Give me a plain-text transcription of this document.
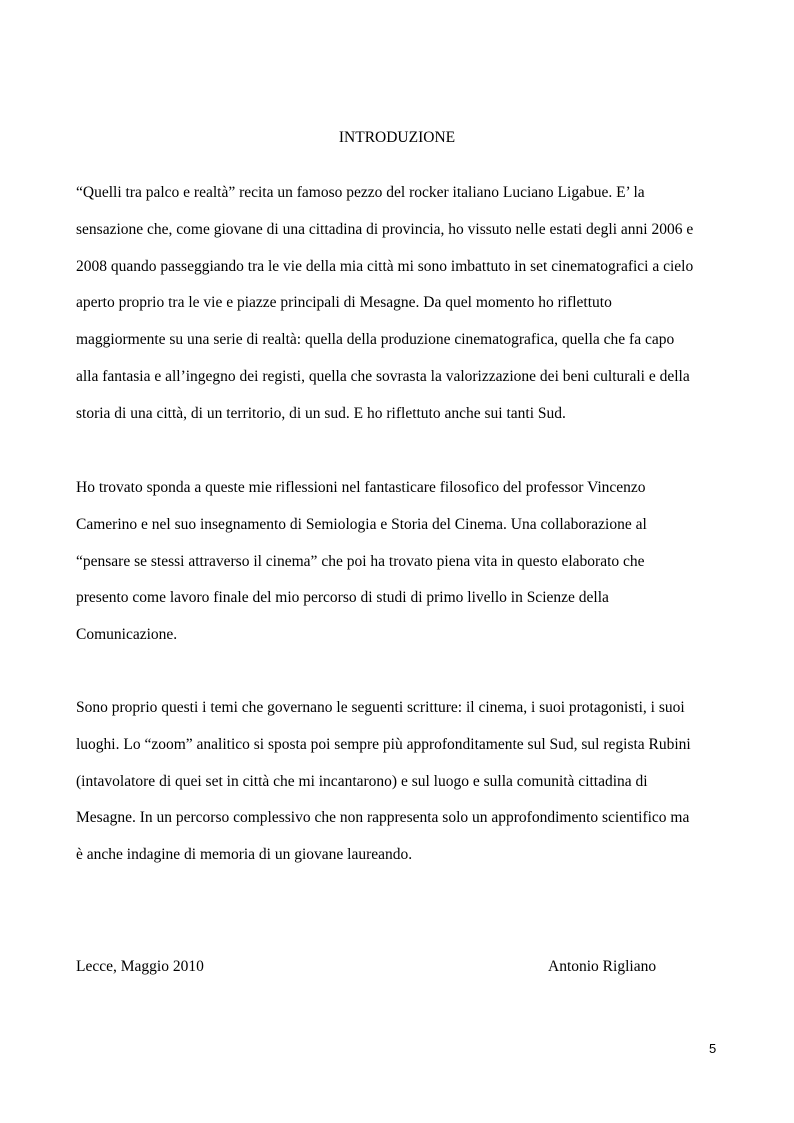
INTRODUZIONE
“Quelli tra palco e realtà” recita un famoso pezzo del rocker italiano Luciano Ligabue. E’ la
sensazione che, come giovane di una cittadina di provincia, ho vissuto nelle estati degli anni 2006 e
2008 quando passeggiando tra le vie della mia città mi sono imbattuto in set cinematografici a cielo
aperto proprio tra le vie e piazze principali di Mesagne. Da quel momento ho riflettuto
maggiormente su una serie di realtà: quella della produzione cinematografica, quella che fa capo
alla fantasia e all’ingegno dei registi, quella che sovrasta la valorizzazione dei beni culturali e della
storia di una città, di un territorio, di un sud. E ho riflettuto anche sui tanti Sud.
Ho trovato sponda a queste mie riflessioni nel fantasticare filosofico del professor Vincenzo
Camerino e nel suo insegnamento di Semiologia e Storia del Cinema. Una collaborazione al
“pensare se stessi attraverso il cinema” che poi ha trovato piena vita in questo elaborato che
presento come lavoro finale del mio percorso di studi di primo livello in Scienze della
Comunicazione.
Sono proprio questi i temi che governano le seguenti scritture: il cinema, i suoi protagonisti, i suoi
luoghi. Lo “zoom” analitico si sposta poi sempre più approfonditamente sul Sud, sul regista Rubini
(intavolatore di quei set in città che mi incantarono) e sul luogo e sulla comunità cittadina di
Mesagne. In un percorso complessivo che non rappresenta solo un approfondimento scientifico ma
è anche indagine di memoria di un giovane laureando.
Lecce, Maggio 2010	Antonio Rigliano
5
